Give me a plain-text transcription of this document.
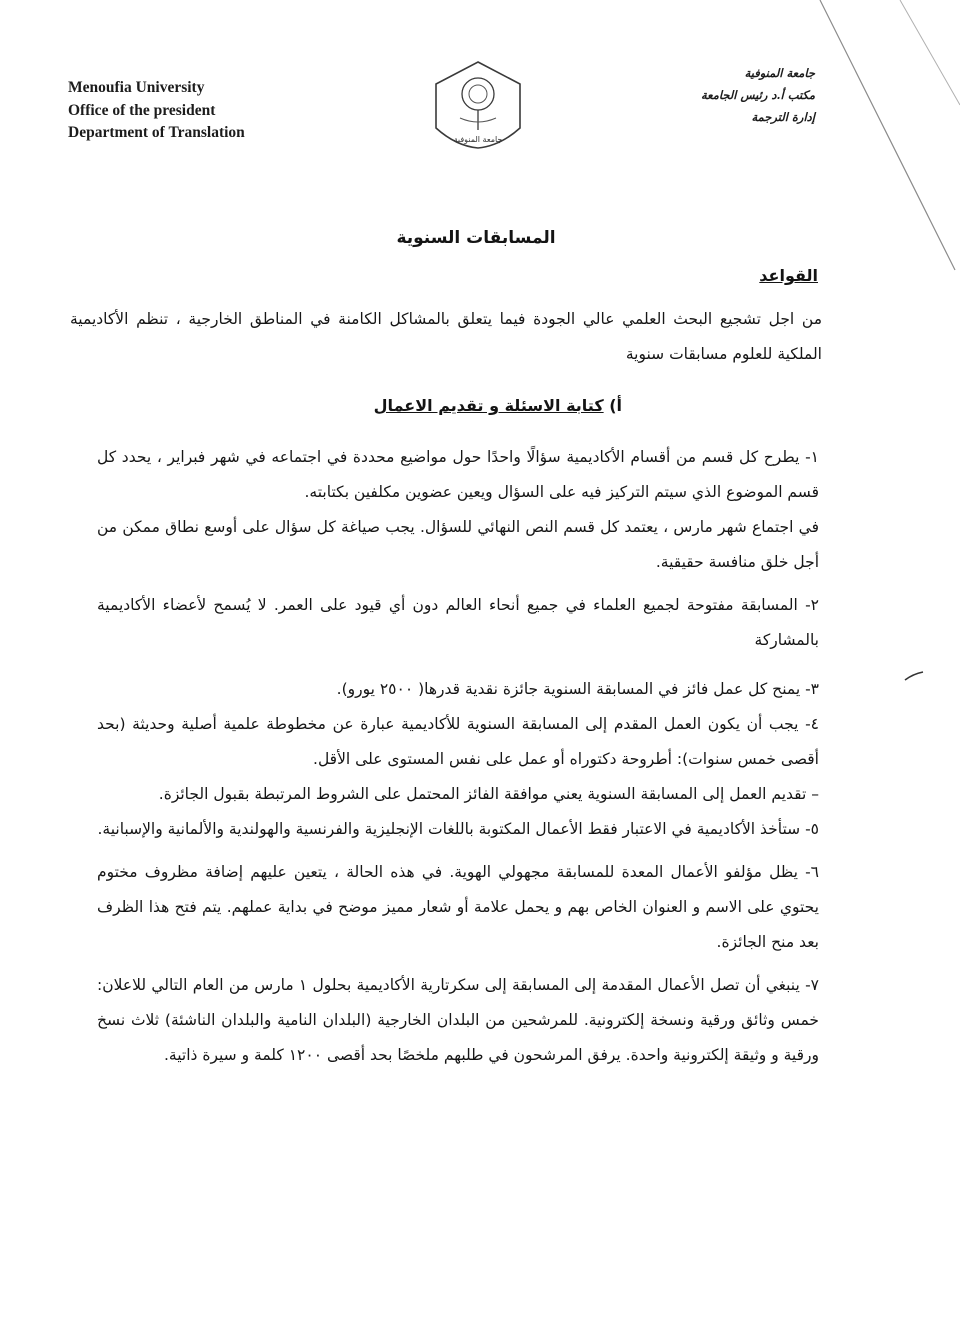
Menoufia University
Office of the president
Department of Translation	جامعة المنوفية
جامعة المنوفية
مكتب أ.د رئيس الجامعة
إدارة الترجمة
المسابقات السنوية
القواعد

من اجل تشجيع البحث العلمي عالي الجودة فيما يتعلق بالمشاكل الكامنة في المناطق الخارجية ، تنظم الأكاديمية الملكية للعلوم مسابقات سنوية

أ) كتابة الاسئلة و تقديم الاعمال

١- يطرح كل قسم من أقسام الأكاديمية سؤالًا واحدًا حول مواضيع محددة في اجتماعه في شهر فبراير ، يحدد كل قسم الموضوع الذي سيتم التركيز فيه على السؤال ويعين عضوين مكلفين بكتابته.

في اجتماع شهر مارس ، يعتمد كل قسم النص النهائي للسؤال. يجب صياغة كل سؤال على أوسع نطاق ممكن من أجل خلق منافسة حقيقية.

٢- المسابقة مفتوحة لجميع العلماء في جميع أنحاء العالم دون أي قيود على العمر. لا يُسمح لأعضاء الأكاديمية بالمشاركة

٣- يمنح كل عمل فائز في المسابقة السنوية جائزة نقدية قدرها( ٢٥٠٠ يورو).

٤- يجب أن يكون العمل المقدم إلى المسابقة السنوية للأكاديمية عبارة عن مخطوطة علمية أصلية وحديثة (بحد أقصى خمس سنوات): أطروحة دكتوراه أو عمل على نفس المستوى على الأقل.

– تقديم العمل إلى المسابقة السنوية يعني موافقة الفائز المحتمل على الشروط المرتبطة بقبول الجائزة.

٥- ستأخذ الأكاديمية في الاعتبار فقط الأعمال المكتوبة باللغات الإنجليزية والفرنسية والهولندية والألمانية والإسبانية.

٦- يظل مؤلفو الأعمال المعدة للمسابقة مجهولي الهوية. في هذه الحالة ، يتعين عليهم إضافة مظروف مختوم يحتوي على الاسم و العنوان الخاص بهم و يحمل علامة أو شعار مميز موضح في بداية عملهم. يتم فتح هذا الظرف بعد منح الجائزة.

٧- ينبغي أن تصل الأعمال المقدمة إلى المسابقة إلى سكرتارية الأكاديمية بحلول ١ مارس من العام التالي للاعلان: خمس وثائق ورقية ونسخة إلكترونية. للمرشحين من البلدان الخارجية (البلدان النامية والبلدان الناشئة) ثلاث نسخ ورقية و وثيقة إلكترونية واحدة. يرفق المرشحون في طلبهم ملخصًا بحد أقصى ١٢٠٠ كلمة و سيرة ذاتية.
